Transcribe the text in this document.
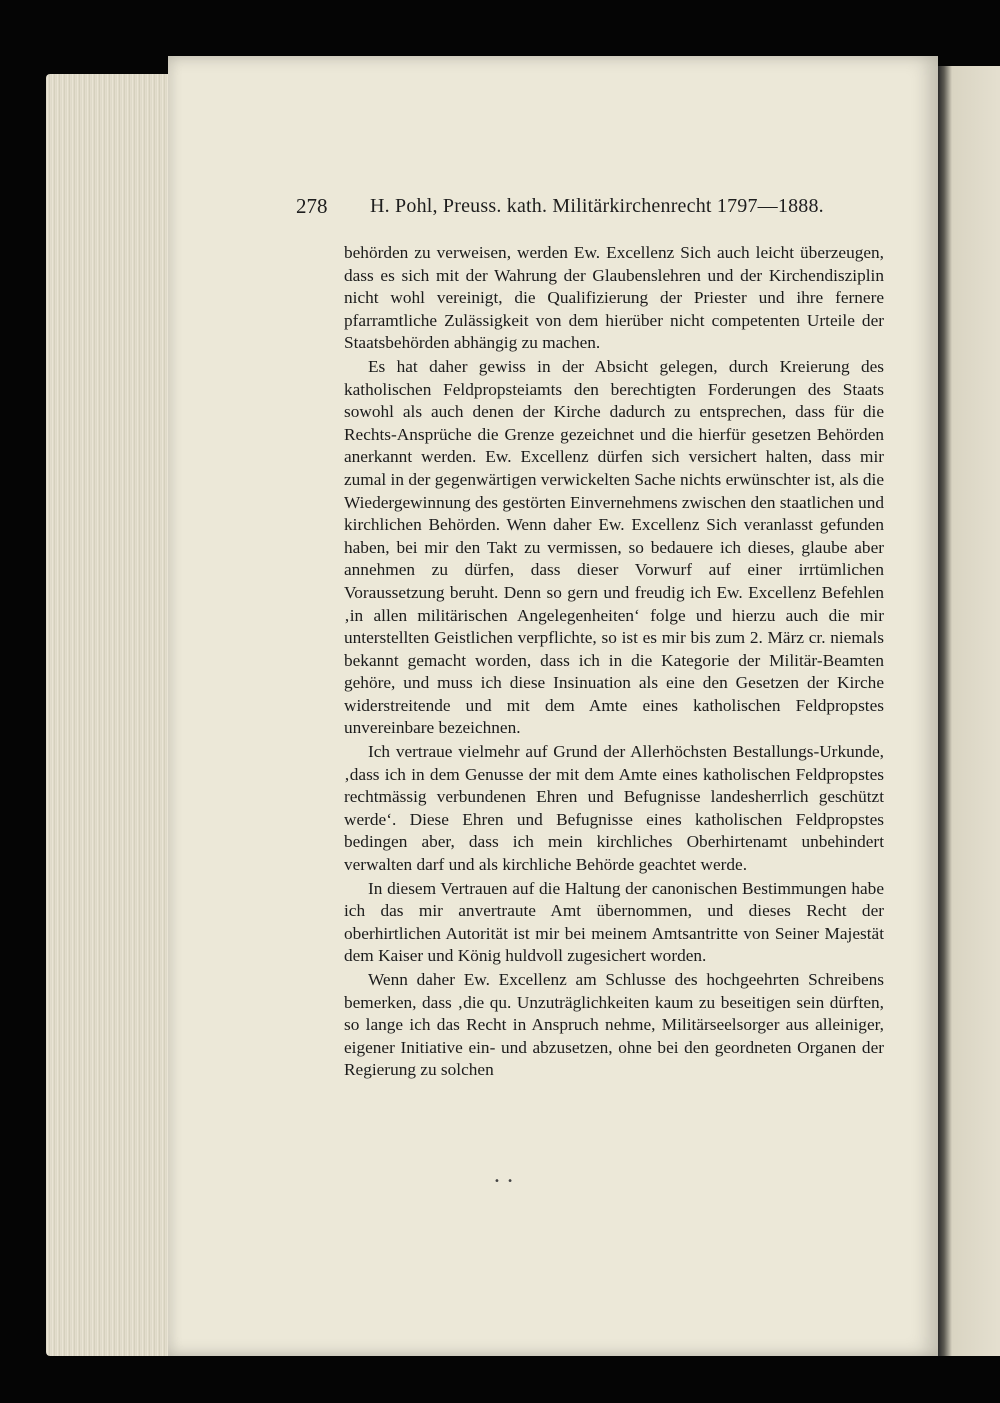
278 H. Pohl, Preuss. kath. Militärkirchenrecht 1797—1888.

behörden zu verweisen, werden Ew. Excellenz Sich auch leicht überzeugen, dass es sich mit der Wahrung der Glaubenslehren und der Kirchendisziplin nicht wohl vereinigt, die Qualifizierung der Priester und ihre fernere pfarramtliche Zulässigkeit von dem hierüber nicht competenten Urteile der Staatsbehörden abhängig zu machen.

Es hat daher gewiss in der Absicht gelegen, durch Kreierung des katholischen Feldpropsteiamts den berechtigten Forderungen des Staats sowohl als auch denen der Kirche dadurch zu entsprechen, dass für die Rechts-Ansprüche die Grenze gezeichnet und die hierfür gesetzen Behörden anerkannt werden. Ew. Excellenz dürfen sich versichert halten, dass mir zumal in der gegenwärtigen verwickelten Sache nichts erwünschter ist, als die Wiedergewinnung des gestörten Einvernehmens zwischen den staatlichen und kirchlichen Behörden. Wenn daher Ew. Excellenz Sich veranlasst gefunden haben, bei mir den Takt zu vermissen, so bedauere ich dieses, glaube aber annehmen zu dürfen, dass dieser Vorwurf auf einer irrtümlichen Voraussetzung beruht. Denn so gern und freudig ich Ew. Excellenz Befehlen ‚in allen militärischen Angelegenheiten‘ folge und hierzu auch die mir unterstellten Geistlichen verpflichte, so ist es mir bis zum 2. März cr. niemals bekannt gemacht worden, dass ich in die Kategorie der Militär-Beamten gehöre, und muss ich diese Insinuation als eine den Gesetzen der Kirche widerstreitende und mit dem Amte eines katholischen Feldpropstes unvereinbare bezeichnen.

Ich vertraue vielmehr auf Grund der Allerhöchsten Bestallungs-Urkunde, ‚dass ich in dem Genusse der mit dem Amte eines katholischen Feldpropstes rechtmässig verbundenen Ehren und Befugnisse landesherrlich geschützt werde‘. Diese Ehren und Befugnisse eines katholischen Feldpropstes bedingen aber, dass ich mein kirchliches Oberhirtenamt unbehindert verwalten darf und als kirchliche Behörde geachtet werde.

In diesem Vertrauen auf die Haltung der canonischen Bestimmungen habe ich das mir anvertraute Amt übernommen, und dieses Recht der oberhirtlichen Autorität ist mir bei meinem Amtsantritte von Seiner Majestät dem Kaiser und König huldvoll zugesichert worden.

Wenn daher Ew. Excellenz am Schlusse des hochgeehrten Schreibens bemerken, dass ‚die qu. Unzuträglichkeiten kaum zu beseitigen sein dürften, so lange ich das Recht in Anspruch nehme, Militärseelsorger aus alleiniger, eigener Initiative ein- und abzusetzen, ohne bei den geordneten Organen der Regierung zu solchen

• •
